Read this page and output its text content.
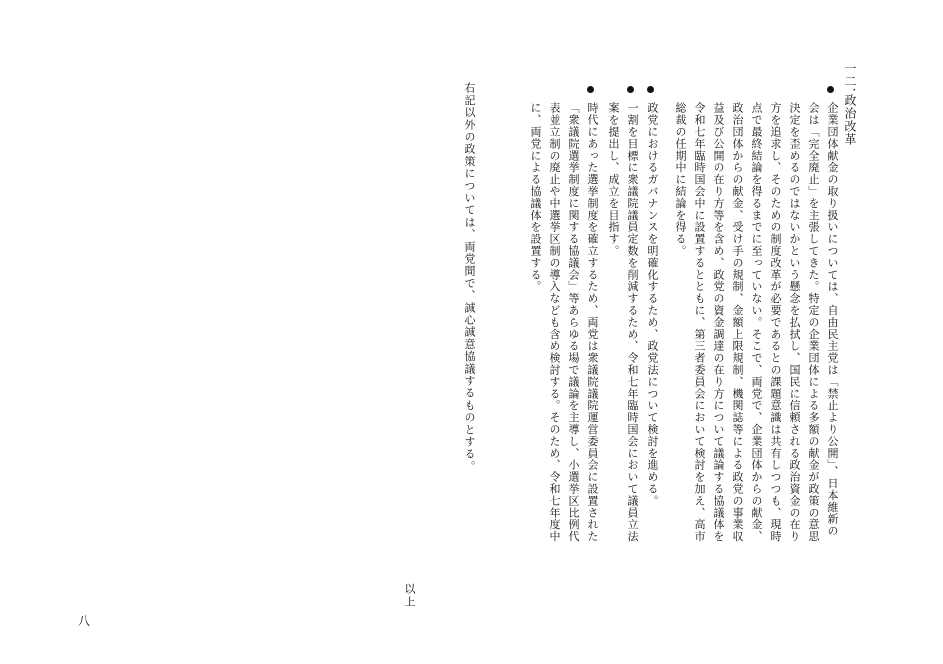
一二．
政治改革
企業団体献金の取り扱いについては、自由民主党は「禁止より公開」、日本維新の
会は「完全廃止」を主張してきた。特定の企業団体による多額の献金が政策の意思
決定を歪めるのではないかという懸念を払拭し、国民に信頼される政治資金の在り
方を追求し、そのための制度改革が必要であるとの課題意識は共有しつつも、現時
点で最終結論を得るまでに至っていない。そこで、両党で、企業団体からの献金、
政治団体からの献金、受け手の規制、金額上限規制、機関誌等による政党の事業収
益及び公開の在り方等を含め、政党の資金調達の在り方について議論する協議体を
令和七年臨時国会中に設置するとともに、第三者委員会において検討を加え、高市
総裁の任期中に結論を得る。
政党におけるガバナンスを明確化するため、政党法について検討を進める。
一割を目標に衆議院議員定数を削減するため、令和七年臨時国会において議員立法
案を提出し、成立を目指す。
時代にあった選挙制度を確立するため、両党は衆議院議院運営委員会に設置された
「衆議院選挙制度に関する協議会」等あらゆる場で議論を主導し、小選挙区比例代
表並立制の廃止や中選挙区制の導入なども含め検討する。そのため、令和七年度中
に、両党による協議体を設置する。
右記以外の政策については、両党間で、誠心誠意協議するものとする。
以上
八
